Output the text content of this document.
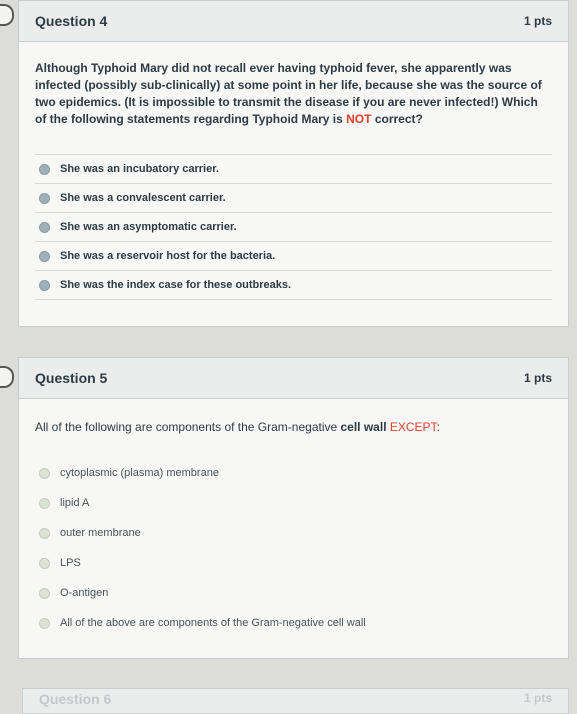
Question 4	1 pts
Although Typhoid Mary did not recall ever having typhoid fever, she apparently was infected (possibly sub-clinically) at some point in her life, because she was the source of two epidemics. (It is impossible to transmit the disease if you are never infected!) Which of the following statements regarding Typhoid Mary is NOT correct?
She was an incubatory carrier.
She was a convalescent carrier.
She was an asymptomatic carrier.
She was a reservoir host for the bacteria.
She was the index case for these outbreaks.
Question 5	1 pts
All of the following are components of the Gram-negative cell wall EXCEPT:
cytoplasmic (plasma) membrane
lipid A
outer membrane
LPS
O-antigen
All of the above are components of the Gram-negative cell wall
Question 6	1 pts
